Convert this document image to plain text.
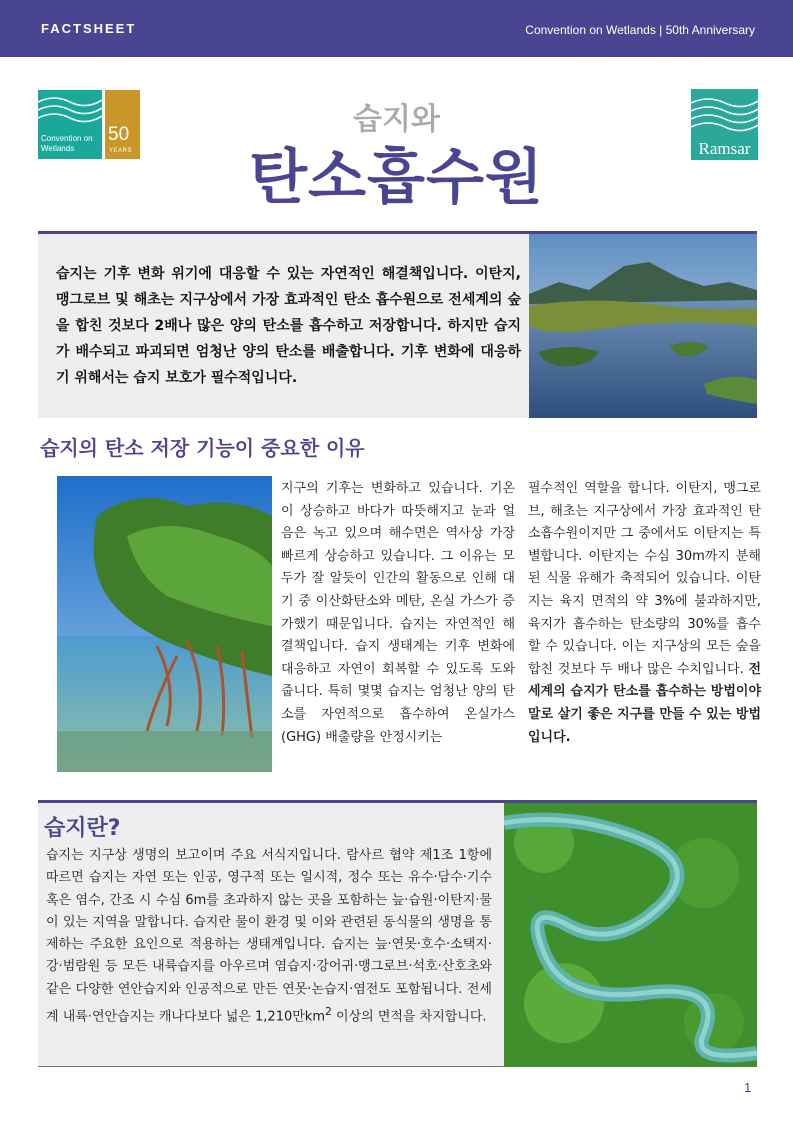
FACTSHEET	Convention on Wetlands | 50th Anniversary
Convention on
Wetlands
50
YEARS	Ramsar
습지와
탄소흡수원
습지는 기후 변화 위기에 대응할 수 있는 자연적인 해결책입니다. 이탄지, 맹그로브 및 해초는 지구상에서 가장 효과적인 탄소 흡수원으로 전세계의 숲을 합친 것보다 2배나 많은 양의 탄소를 흡수하고 저장합니다. 하지만 습지가 배수되고 파괴되면 엄청난 양의 탄소를 배출합니다. 기후 변화에 대응하기 위해서는 습지 보호가 필수적입니다.
습지의 탄소 저장 기능이 중요한 이유
지구의 기후는 변화하고 있습니다. 기온이 상승하고 바다가 따뜻해지고 눈과 얼음은 녹고 있으며 해수면은 역사상 가장 빠르게 상승하고 있습니다. 그 이유는 모두가 잘 알듯이 인간의 활동으로 인해 대기 중 이산화탄소와 메탄, 온실 가스가 증가했기 때문입니다. 습지는 자연적인 해결책입니다. 습지 생태계는 기후 변화에 대응하고 자연이 회복할 수 있도록 도와줍니다. 특히 몇몇 습지는 엄청난 양의 탄소를 자연적으로 흡수하여 온실가스(GHG) 배출량을 안정시키는
필수적인 역할을 합니다. 이탄지, 맹그로브, 해초는 지구상에서 가장 효과적인 탄소흡수원이지만 그 중에서도 이탄지는 특별합니다. 이탄지는 수심 30m까지 분해된 식물 유해가 축적되어 있습니다. 이탄지는 육지 면적의 약 3%에 불과하지만, 육지가 흡수하는 탄소량의 30%를 흡수할 수 있습니다. 이는 지구상의 모든 숲을 합친 것보다 두 배나 많은 수치입니다. 전 세계의 습지가 탄소를 흡수하는 방법이야 말로 살기 좋은 지구를 만들 수 있는 방법입니다.
습지란?
습지는 지구상 생명의 보고이며 주요 서식지입니다. 람사르 협약 제1조 1항에 따르면 습지는 자연 또는 인공, 영구적 또는 일시적, 정수 또는 유수·담수·기수 혹은 염수, 간조 시 수심 6m를 초과하지 않는 곳을 포함하는 늪·습원·이탄지·물이 있는 지역을 말합니다. 습지란 물이 환경 및 이와 관련된 동식물의 생명을 통제하는 주요한 요인으로 적용하는 생태계입니다. 습지는 늪·연못·호수·소택지·강·범람원 등 모든 내륙습지를 아우르며 염습지·강어귀·맹그로브·석호·산호초와 같은 다양한 연안습지와 인공적으로 만든 연못·논습지·염전도 포함됩니다. 전세계 내륙·연안습지는 캐나다보다 넓은 1,210만$km^2$ 이상의 면적을 차지합니다.
1
